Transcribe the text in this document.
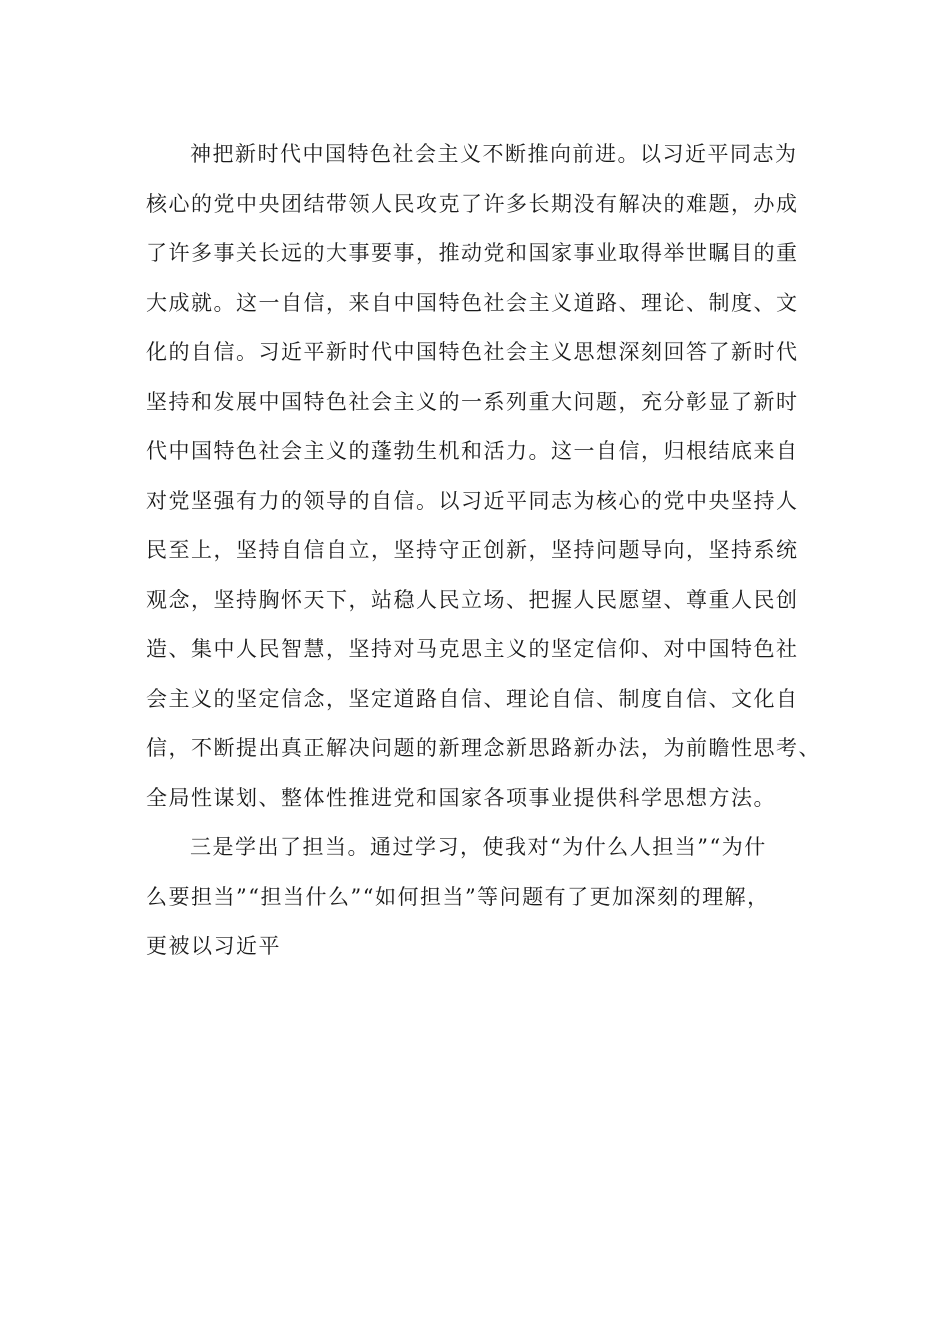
神把新时代中国特色社会主义不断推向前进。以习近平同志为
核心的党中央团结带领人民攻克了许多长期没有解决的难题，办成
了许多事关长远的大事要事，推动党和国家事业取得举世瞩目的重
大成就。这一自信，来自中国特色社会主义道路、理论、制度、文
化的自信。习近平新时代中国特色社会主义思想深刻回答了新时代
坚持和发展中国特色社会主义的一系列重大问题，充分彰显了新时
代中国特色社会主义的蓬勃生机和活力。这一自信，归根结底来自
对党坚强有力的领导的自信。以习近平同志为核心的党中央坚持人
民至上，坚持自信自立，坚持守正创新，坚持问题导向，坚持系统
观念，坚持胸怀天下，站稳人民立场、把握人民愿望、尊重人民创
造、集中人民智慧，坚持对马克思主义的坚定信仰、对中国特色社
会主义的坚定信念，坚定道路自信、理论自信、制度自信、文化自
信，不断提出真正解决问题的新理念新思路新办法，为前瞻性思考、
全局性谋划、整体性推进党和国家各项事业提供科学思想方法。
三是学出了担当。通过学习，使我对“为什么人担当”“为什
么要担当”“担当什么”“如何担当”等问题有了更加深刻的理解，
更被以习近平
